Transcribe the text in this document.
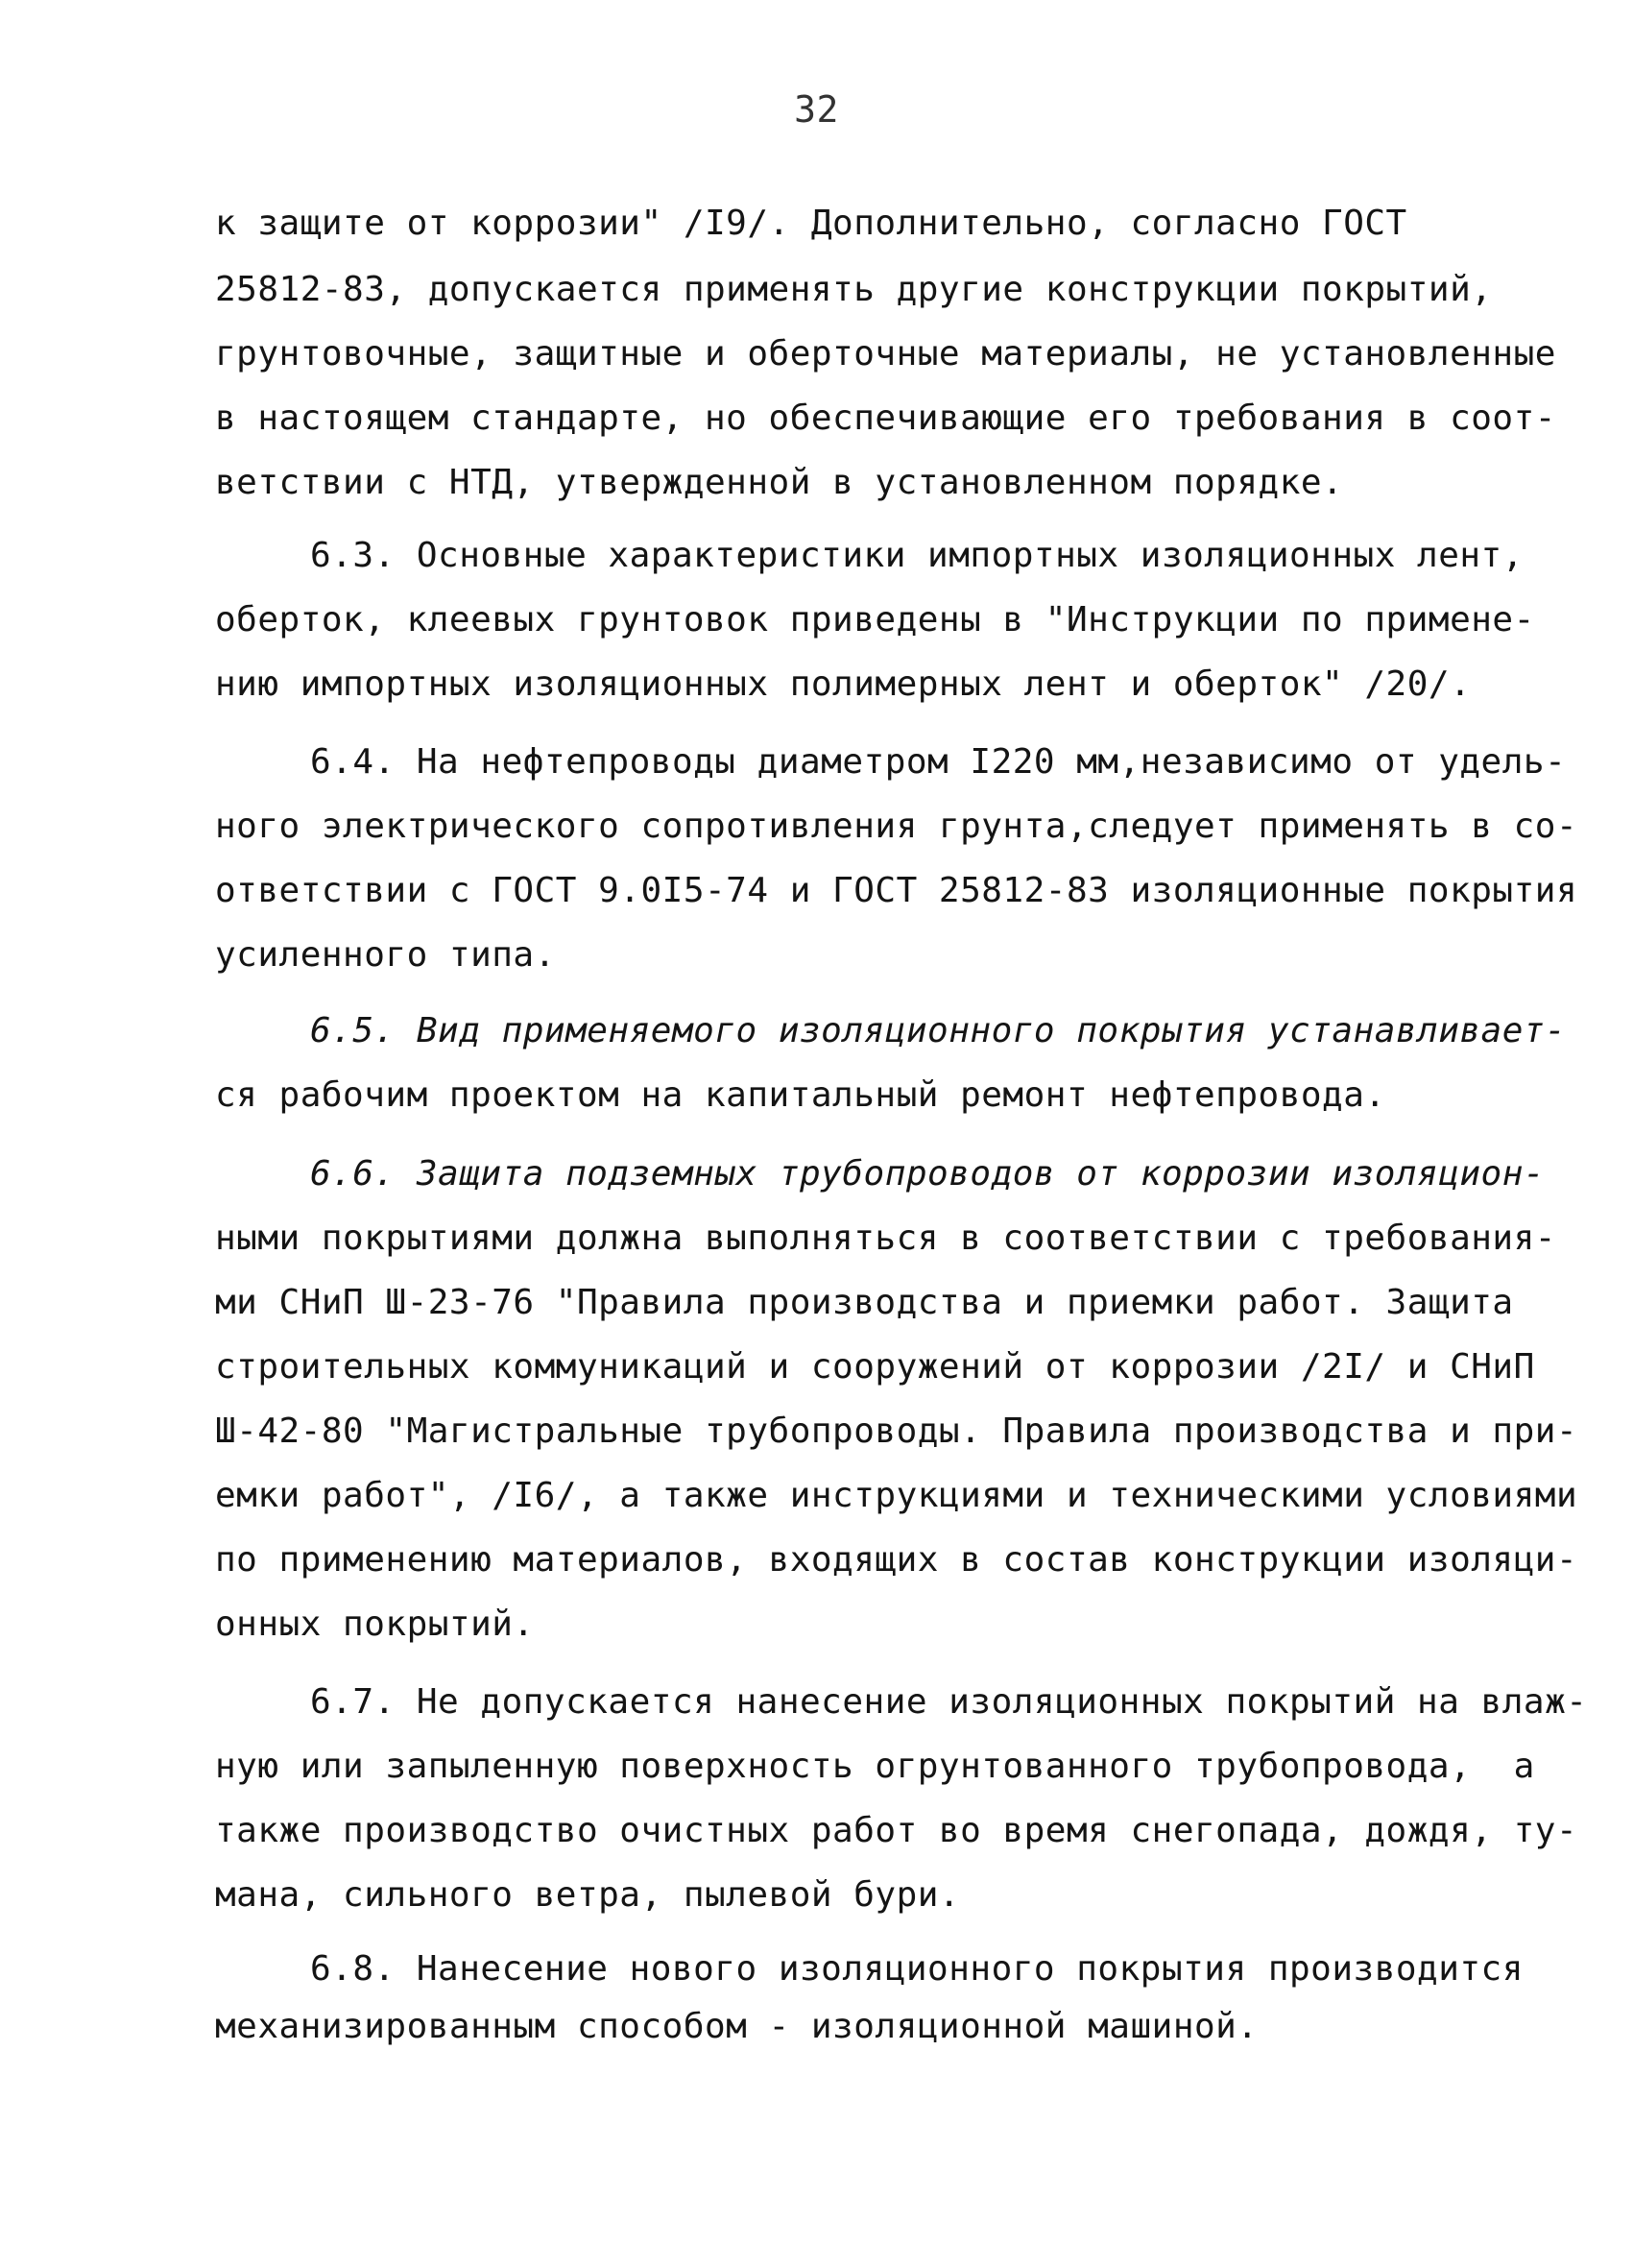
32
к защите от коррозии" /I9/. Дополнительно, согласно ГОСТ
25812-83, допускается применять другие конструкции покрытий,
грунтовочные, защитные и оберточные материалы, не установленные
в настоящем стандарте, но обеспечивающие его требования в соот-
ветствии с НТД, утвержденной в установленном порядке.
6.3. Основные характеристики импортных изоляционных лент,
оберток, клеевых грунтовок приведены в "Инструкции по примене-
нию импортных изоляционных полимерных лент и оберток" /20/.
6.4. На нефтепроводы диаметром I220 мм,независимо от удель-
ного электрического сопротивления грунта,следует применять в со-
ответствии с ГОСТ 9.0I5-74 и ГОСТ 25812-83 изоляционные покрытия
усиленного типа.
6.5. Вид применяемого изоляционного покрытия устанавливает-
ся рабочим проектом на капитальный ремонт нефтепровода.
6.6. Защита подземных трубопроводов от коррозии изоляцион-
ными покрытиями должна выполняться в соответствии с требования-
ми СНиП Ш-23-76 "Правила производства и приемки работ. Защита
строительных коммуникаций и сооружений от коррозии /2I/ и СНиП
Ш-42-80 "Магистральные трубопроводы. Правила производства и при-
емки работ", /I6/, а также инструкциями и техническими условиями
по применению материалов, входящих в состав конструкции изоляци-
онных покрытий.
6.7. Не допускается нанесение изоляционных покрытий на влаж-
ную или запыленную поверхность огрунтованного трубопровода,  а
также производство очистных работ во время снегопада, дождя, ту-
мана, сильного ветра, пылевой бури.
6.8. Нанесение нового изоляционного покрытия производится
механизированным способом - изоляционной машиной.
